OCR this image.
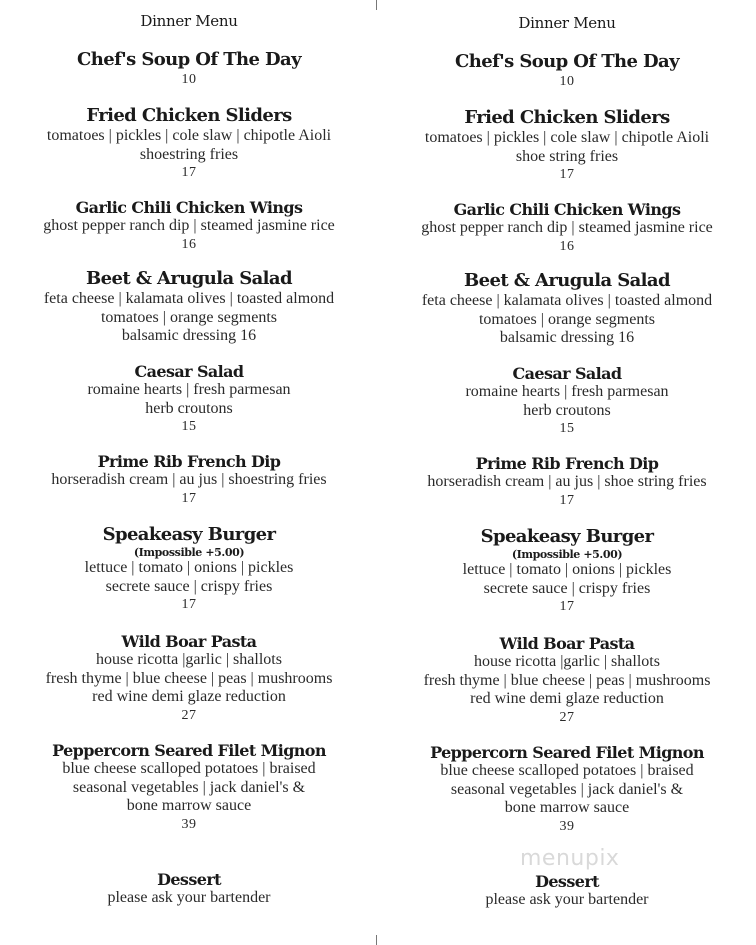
Dinner Menu
Chef's Soup Of The Day
10
Fried Chicken Sliders
tomatoes | pickles | cole slaw | chipotle Aioli
shoestring fries
17
Garlic Chili Chicken Wings
ghost pepper ranch dip | steamed jasmine rice
16
Beet & Arugula Salad
feta cheese | kalamata olives | toasted almond
tomatoes | orange segments
balsamic dressing 16
Caesar Salad
romaine hearts | fresh parmesan
herb croutons
15
Prime Rib French Dip
horseradish cream | au jus | shoestring fries
17
Speakeasy Burger
(Impossible +5.00)
lettuce | tomato | onions | pickles
secrete sauce | crispy fries
17
Wild Boar Pasta
house ricotta |garlic | shallots
fresh thyme | blue cheese | peas | mushrooms
red wine demi glaze reduction
27
Peppercorn Seared Filet Mignon
blue cheese scalloped potatoes | braised
seasonal vegetables | jack daniel's &
bone marrow sauce
39
Dessert
please ask your bartender
Dinner Menu
Chef's Soup Of The Day
10
Fried Chicken Sliders
tomatoes | pickles | cole slaw | chipotle Aioli
shoe string fries
17
Garlic Chili Chicken Wings
ghost pepper ranch dip | steamed jasmine rice
16
Beet & Arugula Salad
feta cheese | kalamata olives | toasted almond
tomatoes | orange segments
balsamic dressing 16
Caesar Salad
romaine hearts | fresh parmesan
herb croutons
15
Prime Rib French Dip
horseradish cream | au jus | shoe string fries
17
Speakeasy Burger
(Impossible +5.00)
lettuce | tomato | onions | pickles
secrete sauce | crispy fries
17
Wild Boar Pasta
house ricotta |garlic | shallots
fresh thyme | blue cheese | peas | mushrooms
red wine demi glaze reduction
27
Peppercorn Seared Filet Mignon
blue cheese scalloped potatoes | braised
seasonal vegetables | jack daniel's &
bone marrow sauce
39
Dessert
please ask your bartender
menupix
